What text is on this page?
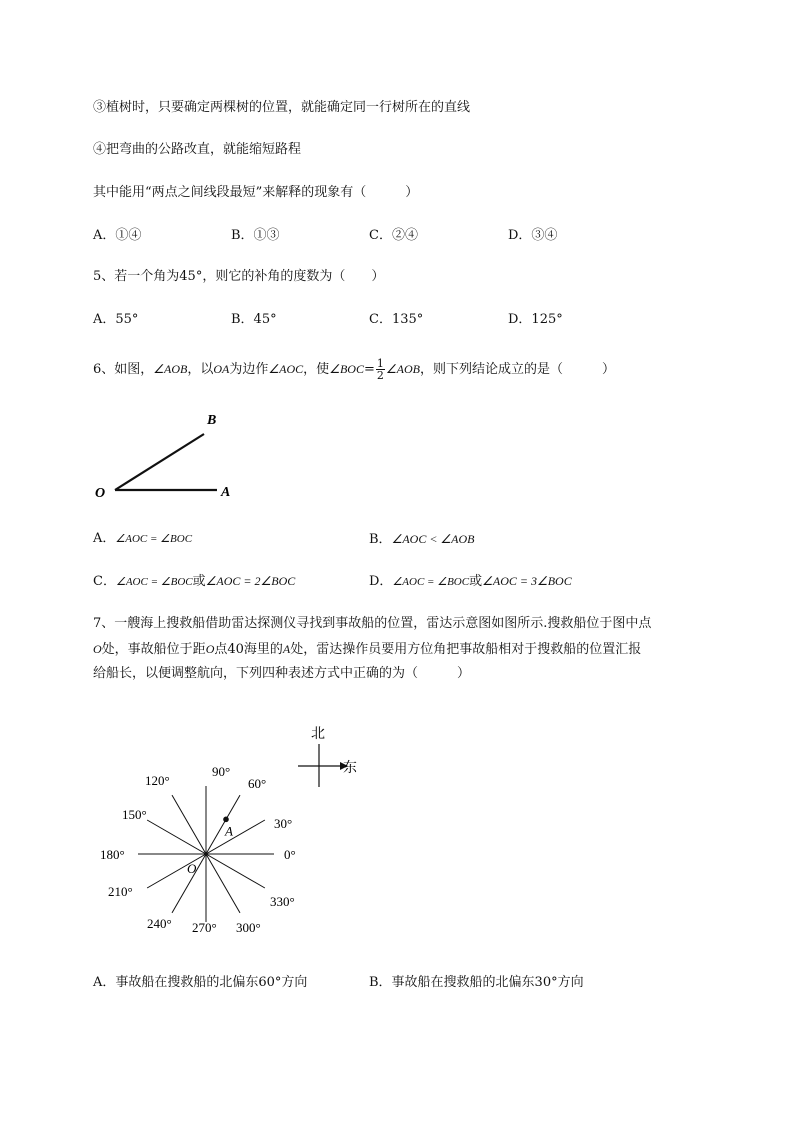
③植树时，只要确定两棵树的位置，就能确定同一行树所在的直线
④把弯曲的公路改直，就能缩短路程
其中能用“两点之间线段最短”来解释的现象有（　　　）
A．①④	B．①③	C．②④	D．③④
5、若一个角为45°，则它的补角的度数为（　　）
A．55°	B．45°	C．135°	D．125°
6、如图，∠AOB，以OA为边作∠AOC，使∠BOC= $\frac{1}{2}$ ∠AOB，则下列结论成立的是（　　　）
B
O	A
A．∠AOC = ∠BOC	B．∠AOC < ∠AOB
C．∠AOC = ∠BOC或∠AOC = 2∠BOC	D．∠AOC = ∠BOC或∠AOC = 3∠BOC
7、一艘海上搜救船借助雷达探测仪寻找到事故船的位置，雷达示意图如图所示.搜救船位于图中点
O处，事故船位于距O点40海里的A处，雷达操作员要用方位角把事故船相对于搜救船的位置汇报
给船长，以便调整航向，下列四种表述方式中正确的为（　　　）
北
东
0°
30°
60°
90°
120°
150°
180°
210°
240° 270° 300°
330°
A
O
A．事故船在搜救船的北偏东60°方向	B．事故船在搜救船的北偏东30°方向
